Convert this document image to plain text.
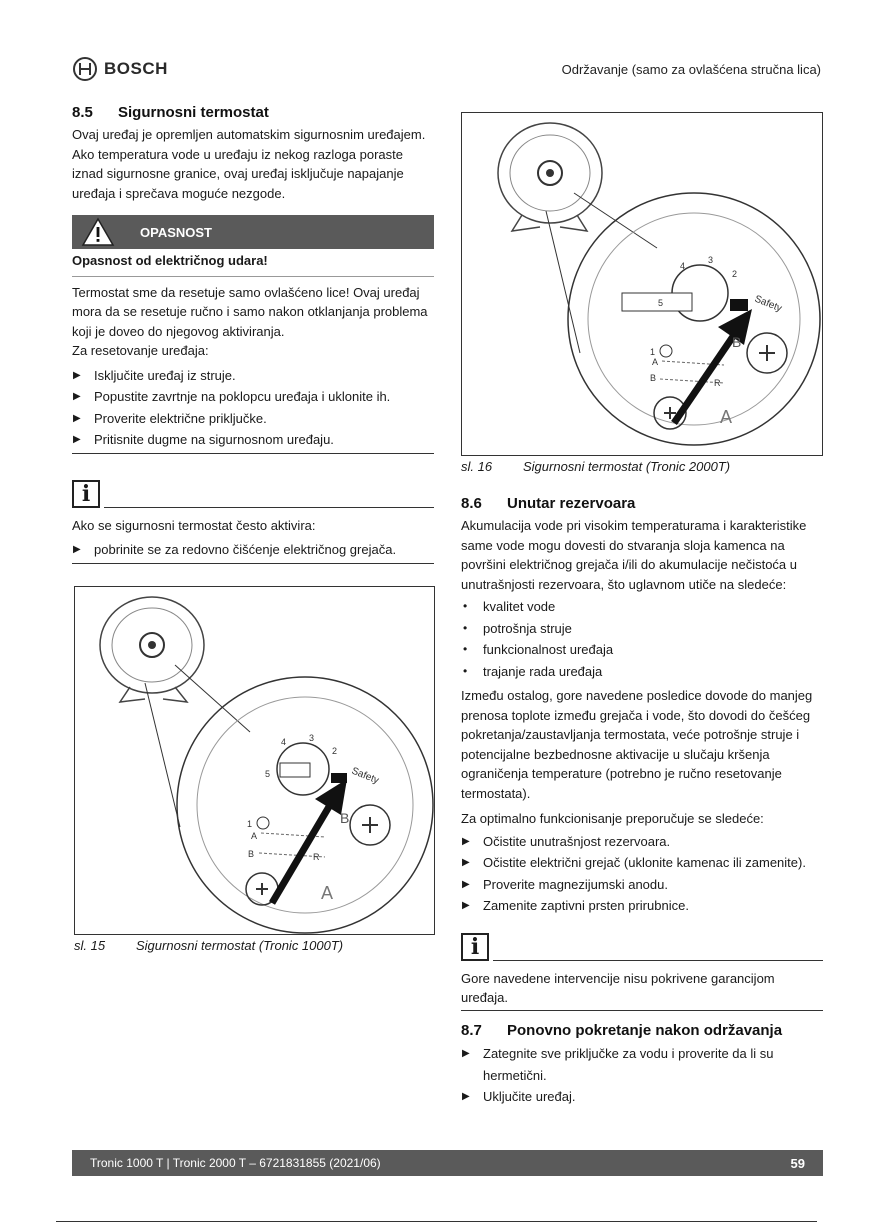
BOSCH	Održavanje (samo za ovlašćena stručna lica)
8.5 Sigurnosni termostat

Ovaj uređaj je opremljen automatskim sigurnosnim uređajem. Ako temperatura vode u uređaju iz nekog razloga poraste iznad sigurnosne granice, ovaj uređaj isključuje napajanje uređaja i sprečava moguće nezgode.

OPASNOST

Opasnost od električnog udara!

Termostat sme da resetuje samo ovlašćeno lice! Ovaj uređaj mora da se resetuje ručno i samo nakon otklanjanja problema koji je doveo do njegovog aktiviranja.

Za resetovanje uređaja:

▶ Isključite uređaj iz struje.
▶ Popustite zavrtnje na poklopcu uređaja i uklonite ih.
▶ Proverite električne priključke.
▶ Pritisnite dugme na sigurnosnom uređaju.
i

Ako se sigurnosni termostat često aktivira:

▶ pobrinite se za redovno čišćenje električnog grejača.
Safety
3
4
2
5
1
A
B	R
B
A
sl. 15 Sigurnosni termostat (Tronic 1000T)
Safety
3
4
2
5
1
A
B	R
B
A
sl. 16 Sigurnosni termostat (Tronic 2000T)
8.6 Unutar rezervoara

Akumulacija vode pri visokim temperaturama i karakteristike same vode mogu dovesti do stvaranja sloja kamenca na površini električnog grejača i/ili do akumulacije nečistoća u unutrašnjosti rezervoara, što uglavnom utiče na sledeće:

• kvalitet vode
• potrošnja struje
• funkcionalnost uređaja
• trajanje rada uređaja

Između ostalog, gore navedene posledice dovode do manjeg prenosa toplote između grejača i vode, što dovodi do češćeg pokretanja/zaustavljanja termostata, veće potrošnje struje i potencijalne bezbednosne aktivacije u slučaju kršenja ograničenja temperature (potrebno je ručno resetovanje termostata).

Za optimalno funkcionisanje preporučuje se sledeće:

▶ Očistite unutrašnjost rezervoara.
▶ Očistite električni grejač (uklonite kamenac ili zamenite).
▶ Proverite magnezijumski anodu.
▶ Zamenite zaptivni prsten prirubnice.
i

Gore navedene intervencije nisu pokrivene garancijom uređaja.

8.7 Ponovno pokretanje nakon održavanja
▶ Zategnite sve priključke za vodu i proverite da li su hermetični.
▶ Uključite uređaj.
Tronic 1000 T | Tronic 2000 T – 6721831855 (2021/06)	59
